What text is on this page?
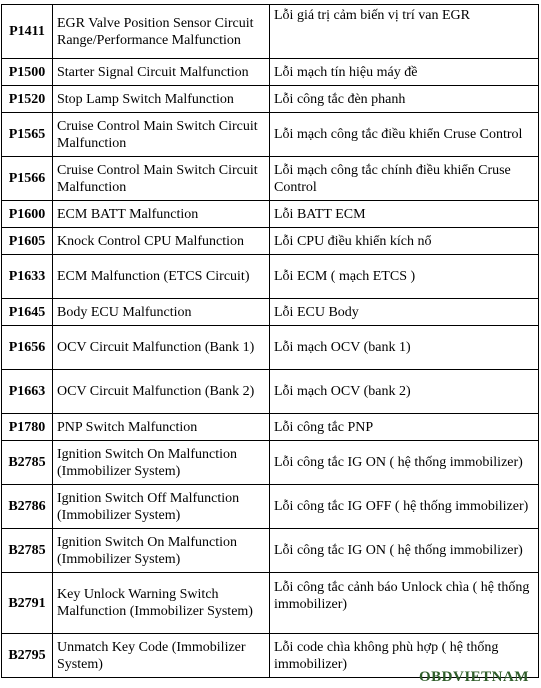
P1411	EGR Valve Position Sensor Circuit Range/Performance Malfunction	Lỗi giá trị cảm biến vị trí van EGR
P1500	Starter Signal Circuit Malfunction	Lỗi mạch tín hiệu máy đề
P1520	Stop Lamp Switch Malfunction	Lỗi công tắc đèn phanh
P1565	Cruise Control Main Switch Circuit Malfunction	Lỗi mạch công tắc điều khiển Cruse Control
P1566	Cruise Control Main Switch Circuit Malfunction	Lỗi mạch công tắc chính điều khiển Cruse Control
P1600	ECM BATT Malfunction	Lỗi BATT ECM
P1605	Knock Control CPU Malfunction	Lỗi CPU điều khiển kích nổ
P1633	ECM Malfunction (ETCS Circuit)	Lỗi ECM ( mạch ETCS )
P1645	Body ECU Malfunction	Lỗi ECU Body
P1656	OCV Circuit Malfunction (Bank 1)	Lỗi mạch OCV (bank 1)
P1663	OCV Circuit Malfunction (Bank 2)	Lỗi mạch OCV (bank 2)
P1780	PNP Switch Malfunction	Lỗi công tắc PNP
B2785	Ignition Switch On Malfunction (Immobilizer System)	Lỗi công tắc IG ON ( hệ thống immobilizer)
B2786	Ignition Switch Off Malfunction (Immobilizer System)	Lỗi công tắc IG OFF ( hệ thống immobilizer)
B2785	Ignition Switch On Malfunction (Immobilizer System)	Lỗi công tắc IG ON ( hệ thống immobilizer)
B2791	Key Unlock Warning Switch Malfunction (Immobilizer System)	Lỗi công tắc cảnh báo Unlock chìa ( hệ thống immobilizer)
B2795	Unmatch Key Code (Immobilizer System)	Lỗi code chìa không phù hợp ( hệ thống immobilizer)
OBDVIETNAM
